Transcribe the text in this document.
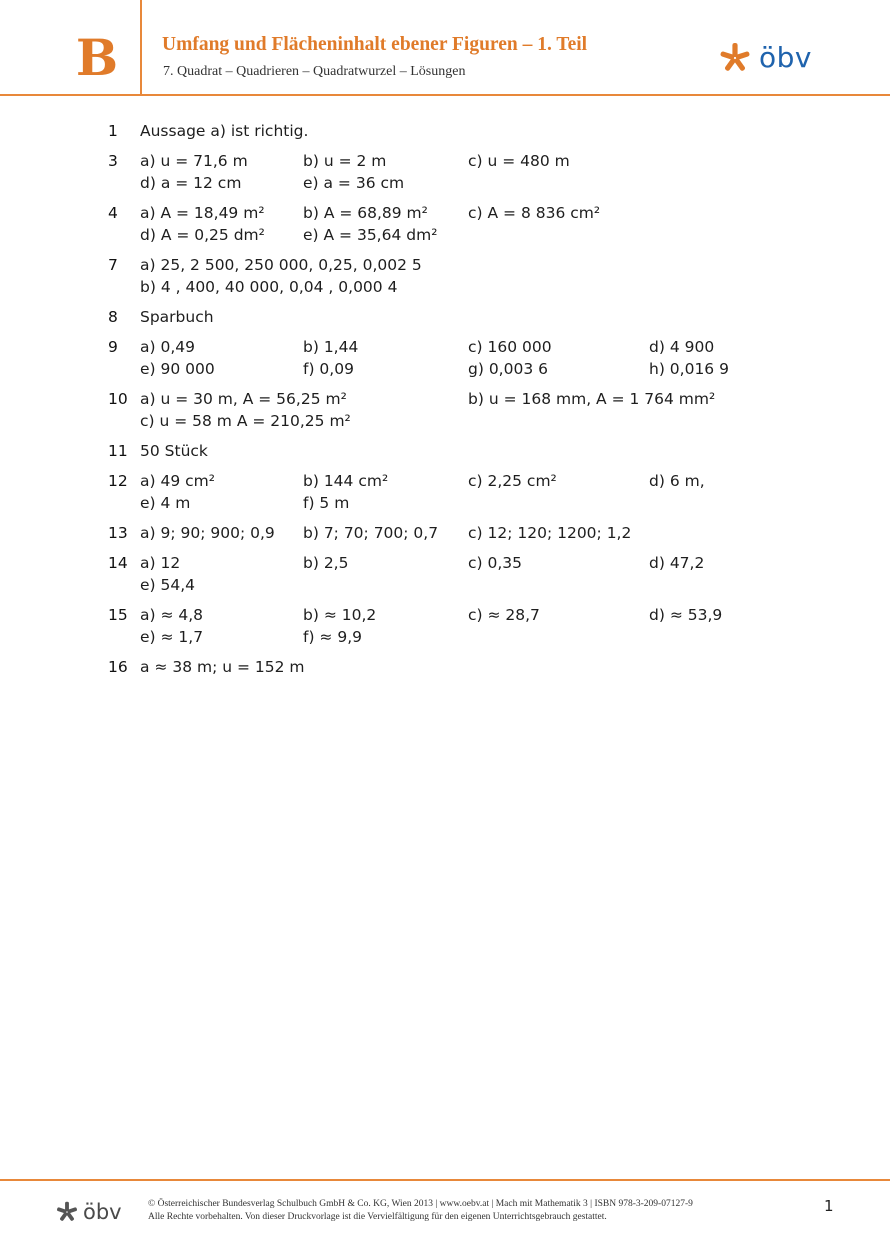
B Umfang und Flächeninhalt ebener Figuren – 1. Teil
7. Quadrat – Quadrieren – Quadratwurzel – Lösungen	öbv
1 Aussage a) ist richtig.
3 a) u = 71,6 m	b) u = 2 m	c) u = 480 m
d) a = 12 cm	e) a = 36 cm
4 a) A = 18,49 m² b) A = 68,89 m²	c) A = 8 836 cm²
d) A = 0,25 dm² e) A = 35,64 dm²
7 a) 25, 2 500, 250 000, 0,25, 0,002 5
b) 4 , 400, 40 000, 0,04 , 0,000 4
8 Sparbuch
9 a) 0,49	b) 1,44	c) 160 000	d) 4 900
e) 90 000	f) 0,09	g) 0,003 6	h) 0,016 9
10 a) u = 30 m, A = 56,25 m²	b) u = 168 mm, A = 1 764 mm²
c) u = 58 m A = 210,25 m²
11 50 Stück
12 a) 49 cm²	b) 144 cm²	c) 2,25 cm²	d) 6 m,
e) 4 m	f) 5 m
13 a) 9; 90; 900; 0,9 b) 7; 70; 700; 0,7 c) 12; 120; 1200; 1,2
14 a) 12	b) 2,5	c) 0,35	d) 47,2
e) 54,4
15 a) ≈ 4,8	b) ≈ 10,2	c) ≈ 28,7	d) ≈ 53,9
e) ≈ 1,7	f) ≈ 9,9
16 a ≈ 38 m; u = 152 m
öbv	© Österreichischer Bundesverlag Schulbuch GmbH & Co. KG, Wien 2013 | www.oebv.at | Mach mit Mathematik 3 | ISBN 978-3-209-07127-9
Alle Rechte vorbehalten. Von dieser Druckvorlage ist die Vervielfältigung für den eigenen Unterrichtsgebrauch gestattet.
1
